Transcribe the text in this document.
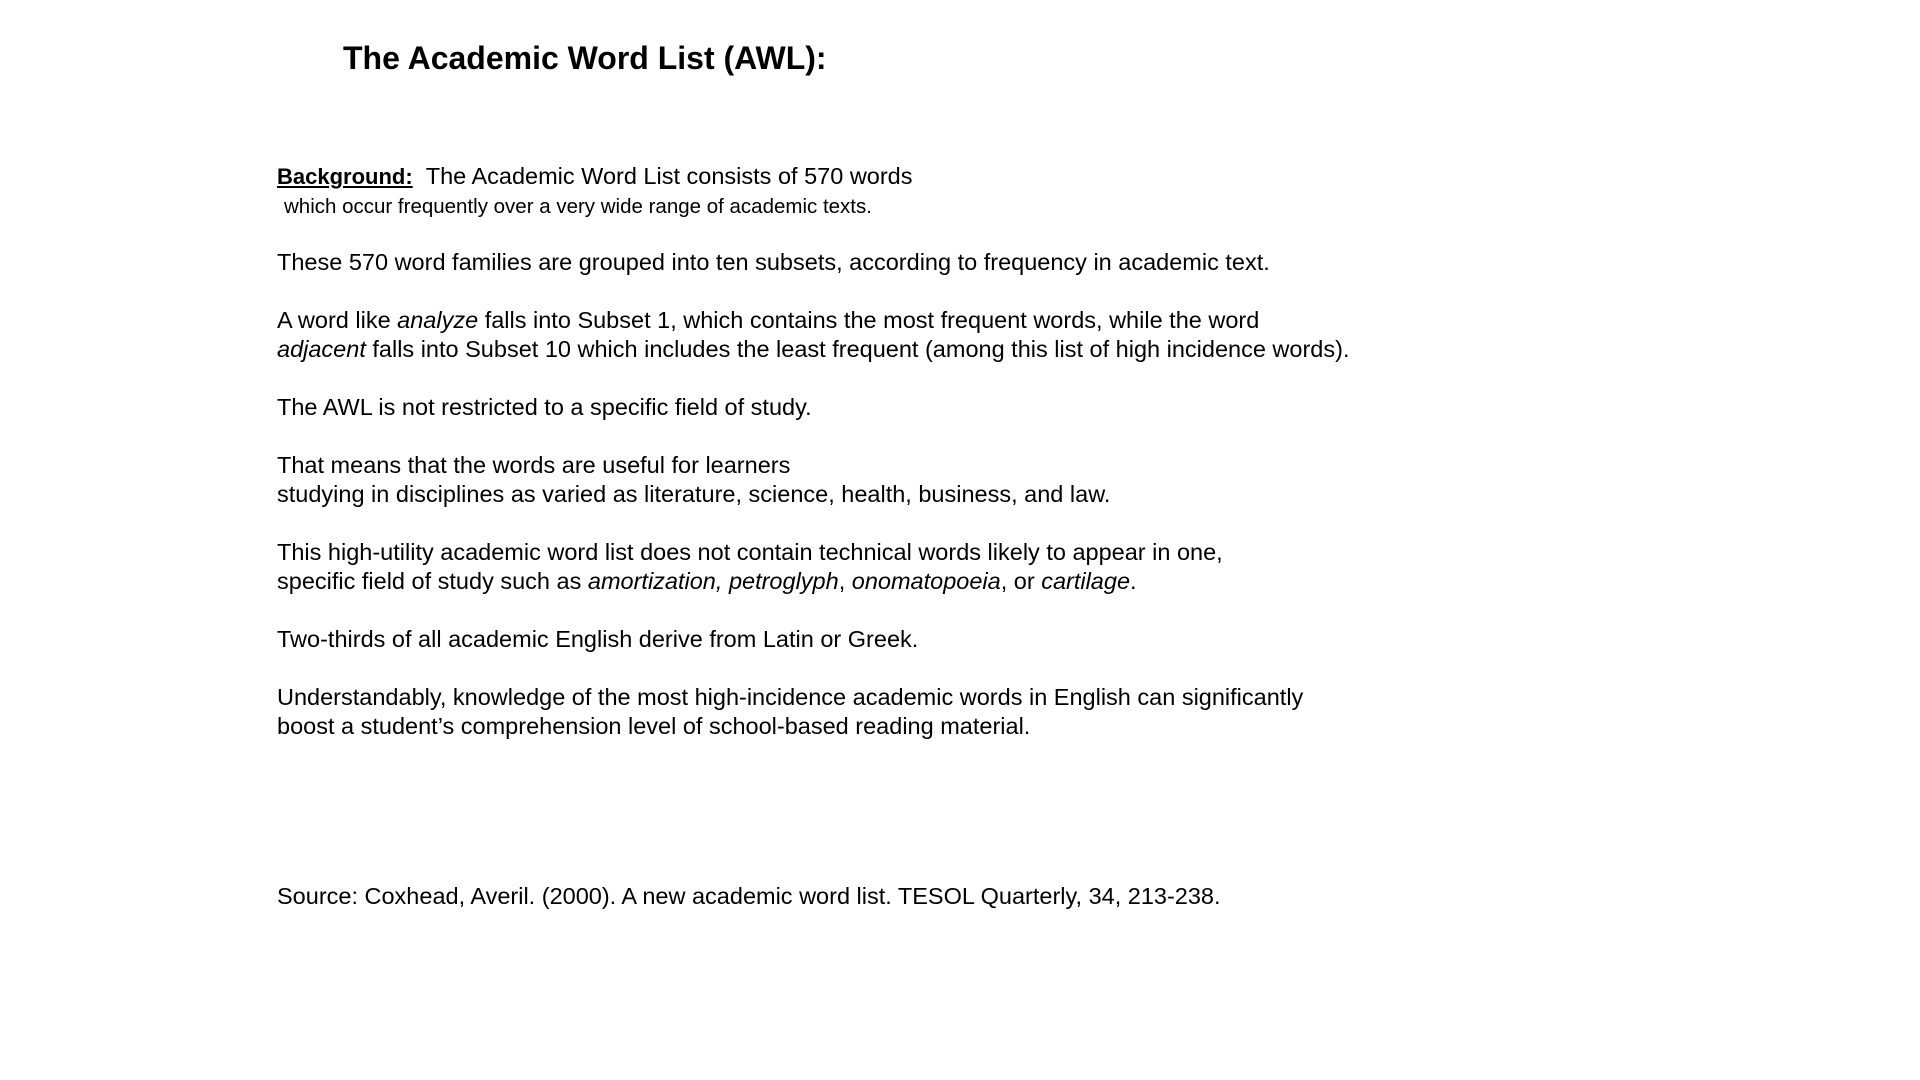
The Academic Word List (AWL):

Background: The Academic Word List consists of 570 words
which occur frequently over a very wide range of academic texts.

These 570 word families are grouped into ten subsets, according to frequency in academic text.

A word like analyze falls into Subset 1, which contains the most frequent words, while the word
adjacent falls into Subset 10 which includes the least frequent (among this list of high incidence words).

The AWL is not restricted to a specific field of study.

That means that the words are useful for learners
studying in disciplines as varied as literature, science, health, business, and law.

This high-utility academic word list does not contain technical words likely to appear in one,
specific field of study such as amortization, petroglyph, onomatopoeia, or cartilage.

Two-thirds of all academic English derive from Latin or Greek.

Understandably, knowledge of the most high-incidence academic words in English can significantly
boost a student’s comprehension level of school-based reading material.

Source: Coxhead, Averil. (2000). A new academic word list. TESOL Quarterly, 34, 213-238.
